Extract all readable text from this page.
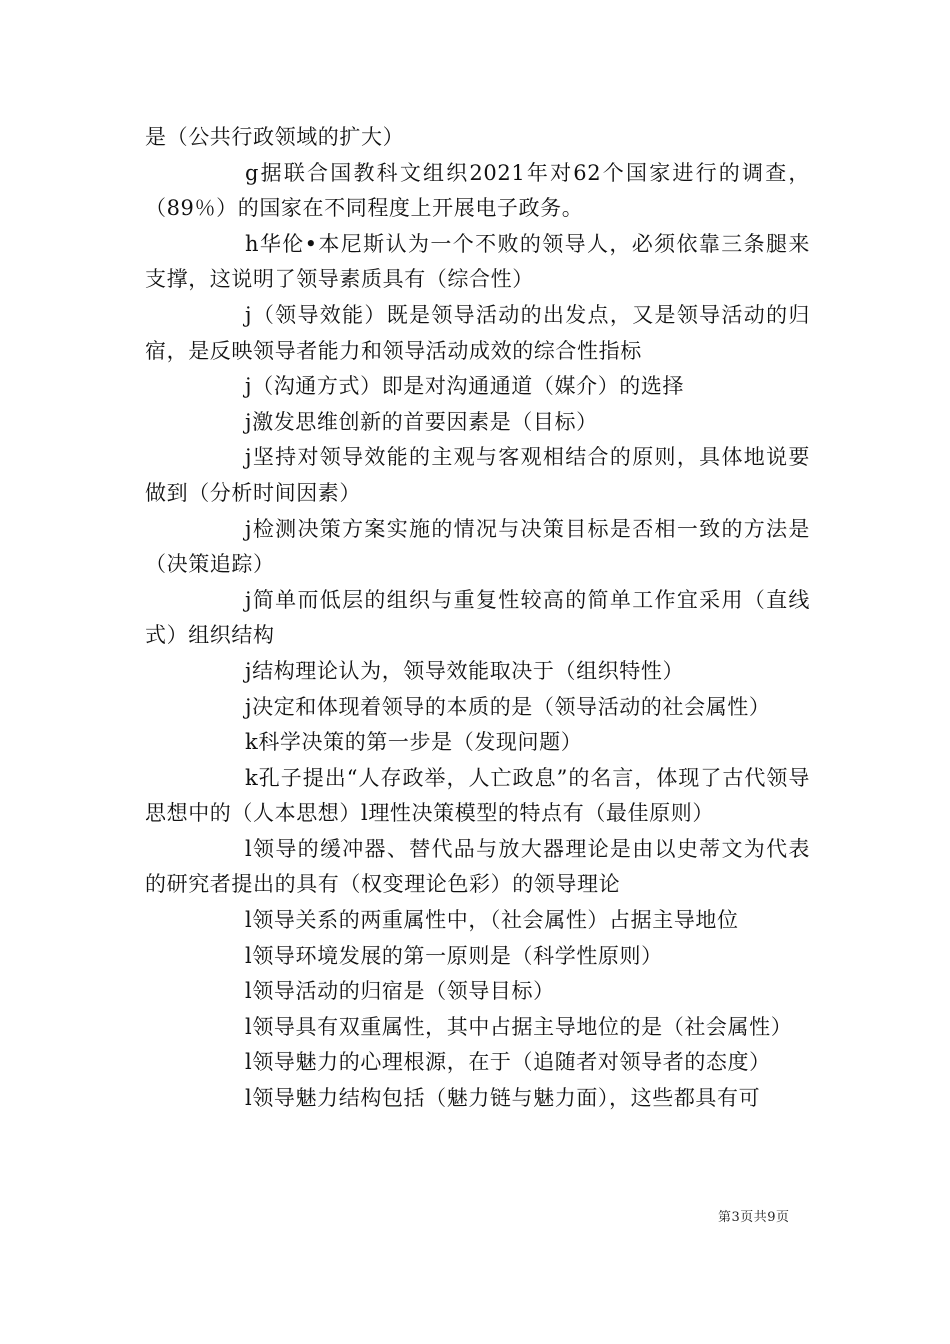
是（公共行政领域的扩大）

g据联合国教科文组织2021年对62个国家进行的调查，（89％）的国家在不同程度上开展电子政务。

h华伦•本尼斯认为一个不败的领导人，必须依靠三条腿来支撑，这说明了领导素质具有（综合性）

j（领导效能）既是领导活动的出发点，又是领导活动的归宿，是反映领导者能力和领导活动成效的综合性指标

j（沟通方式）即是对沟通通道（媒介）的选择

j激发思维创新的首要因素是（目标）

j坚持对领导效能的主观与客观相结合的原则，具体地说要做到（分析时间因素）

j检测决策方案实施的情况与决策目标是否相一致的方法是（决策追踪）

j简单而低层的组织与重复性较高的简单工作宜采用（直线式）组织结构

j结构理论认为，领导效能取决于（组织特性）

j决定和体现着领导的本质的是（领导活动的社会属性）

k科学决策的第一步是（发现问题）

k孔子提出“人存政举，人亡政息”的名言，体现了古代领导思想中的（人本思想）l理性决策模型的特点有（最佳原则）

l领导的缓冲器、替代品与放大器理论是由以史蒂文为代表的研究者提出的具有（权变理论色彩）的领导理论

l领导关系的两重属性中，（社会属性）占据主导地位

l领导环境发展的第一原则是（科学性原则）

l领导活动的归宿是（领导目标）

l领导具有双重属性，其中占据主导地位的是（社会属性）

l领导魅力的心理根源，在于（追随者对领导者的态度）

l领导魅力结构包括（魅力链与魅力面），这些都具有可

第3页共9页
